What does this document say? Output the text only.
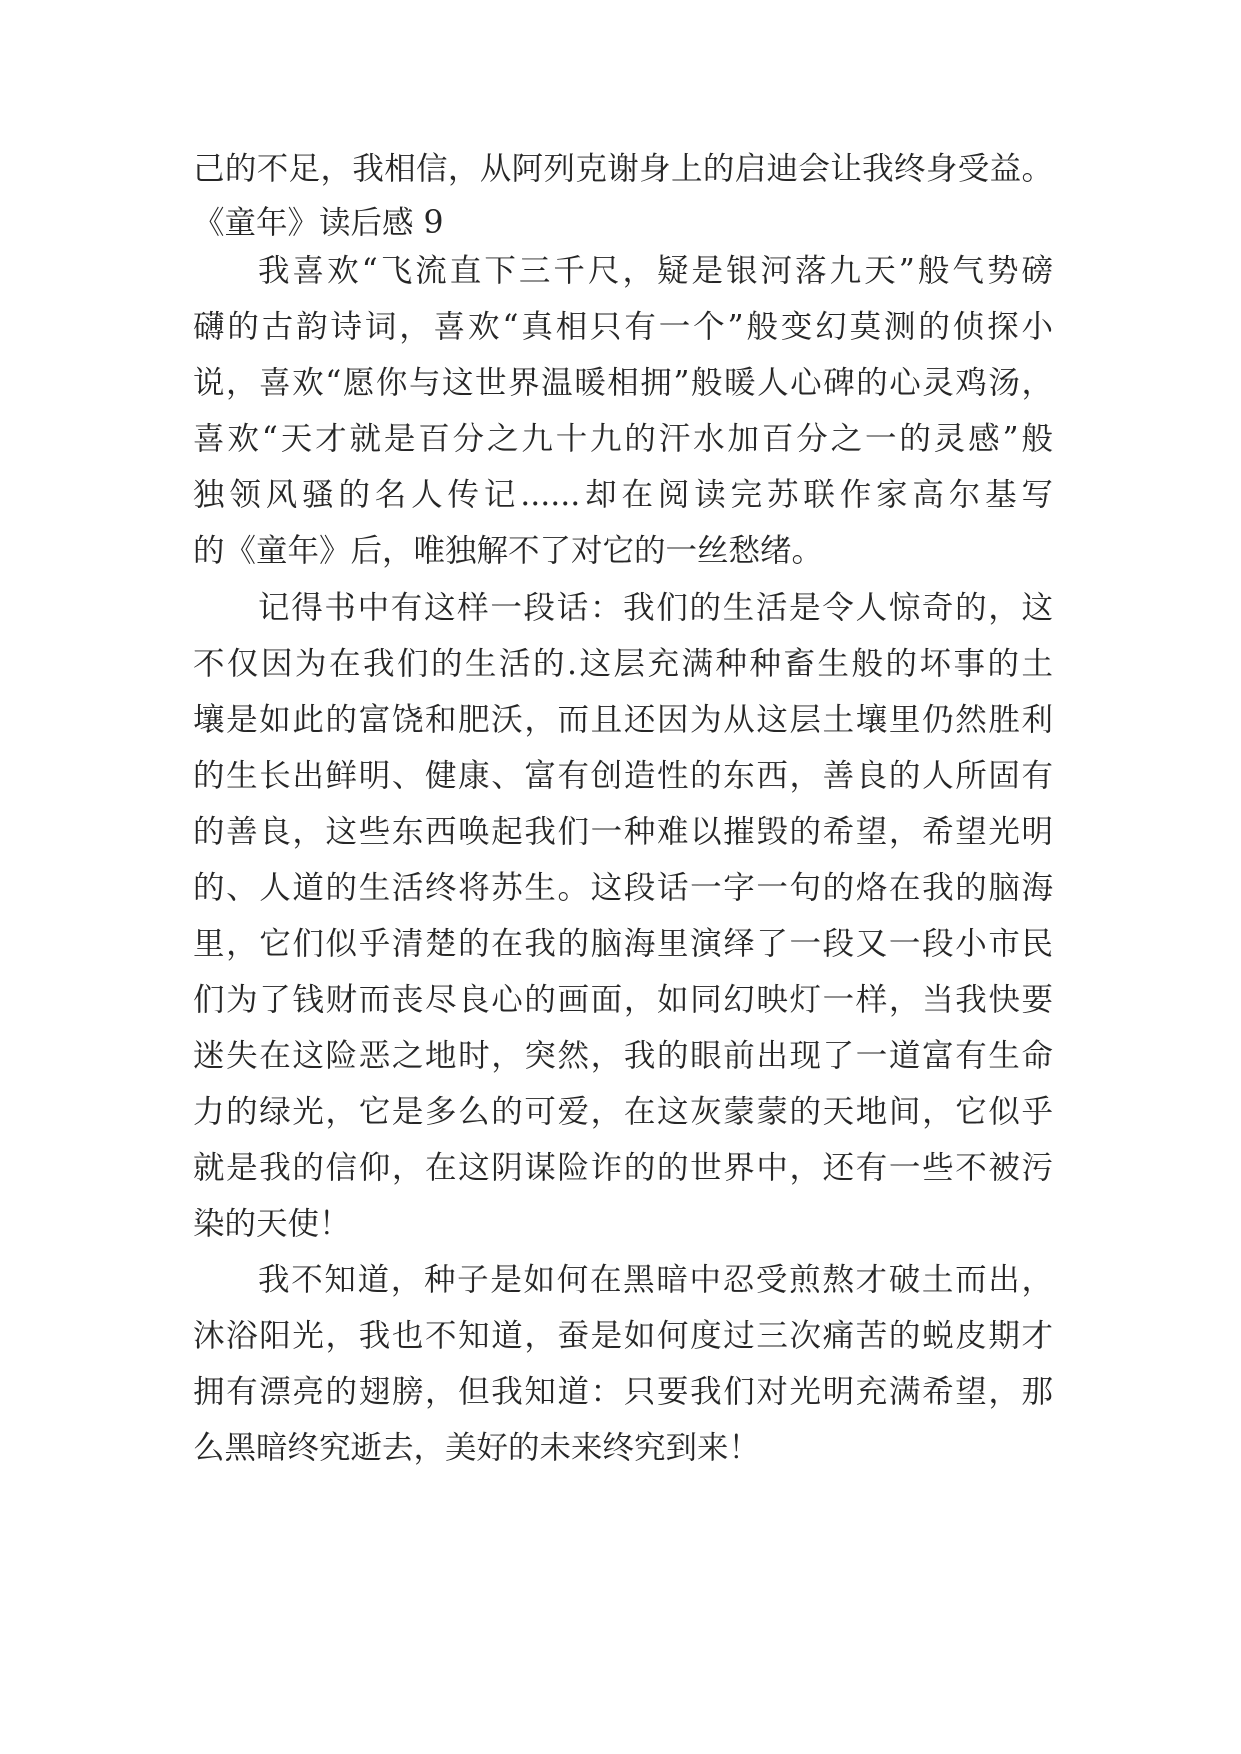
己的不足，我相信，从阿列克谢身上的启迪会让我终身受益。
《童年》读后感 9
我喜欢“飞流直下三千尺，疑是银河落九天”般气势磅
礴的古韵诗词，喜欢“真相只有一个”般变幻莫测的侦探小
说，喜欢“愿你与这世界温暖相拥”般暖人心碑的心灵鸡汤，
喜欢“天才就是百分之九十九的汗水加百分之一的灵感”般
独领风骚的名人传记......却在阅读完苏联作家高尔基写
的《童年》后，唯独解不了对它的一丝愁绪。
记得书中有这样一段话：我们的生活是令人惊奇的，这
不仅因为在我们的生活的.这层充满种种畜生般的坏事的土
壤是如此的富饶和肥沃，而且还因为从这层土壤里仍然胜利
的生长出鲜明、健康、富有创造性的东西，善良的人所固有
的善良，这些东西唤起我们一种难以摧毁的希望，希望光明
的、人道的生活终将苏生。这段话一字一句的烙在我的脑海
里，它们似乎清楚的在我的脑海里演绎了一段又一段小市民
们为了钱财而丧尽良心的画面，如同幻映灯一样，当我快要
迷失在这险恶之地时，突然，我的眼前出现了一道富有生命
力的绿光，它是多么的可爱，在这灰蒙蒙的天地间，它似乎
就是我的信仰，在这阴谋险诈的的世界中，还有一些不被污
染的天使！
我不知道，种子是如何在黑暗中忍受煎熬才破土而出，
沐浴阳光，我也不知道，蚕是如何度过三次痛苦的蜕皮期才
拥有漂亮的翅膀，但我知道：只要我们对光明充满希望，那
么黑暗终究逝去，美好的未来终究到来！
